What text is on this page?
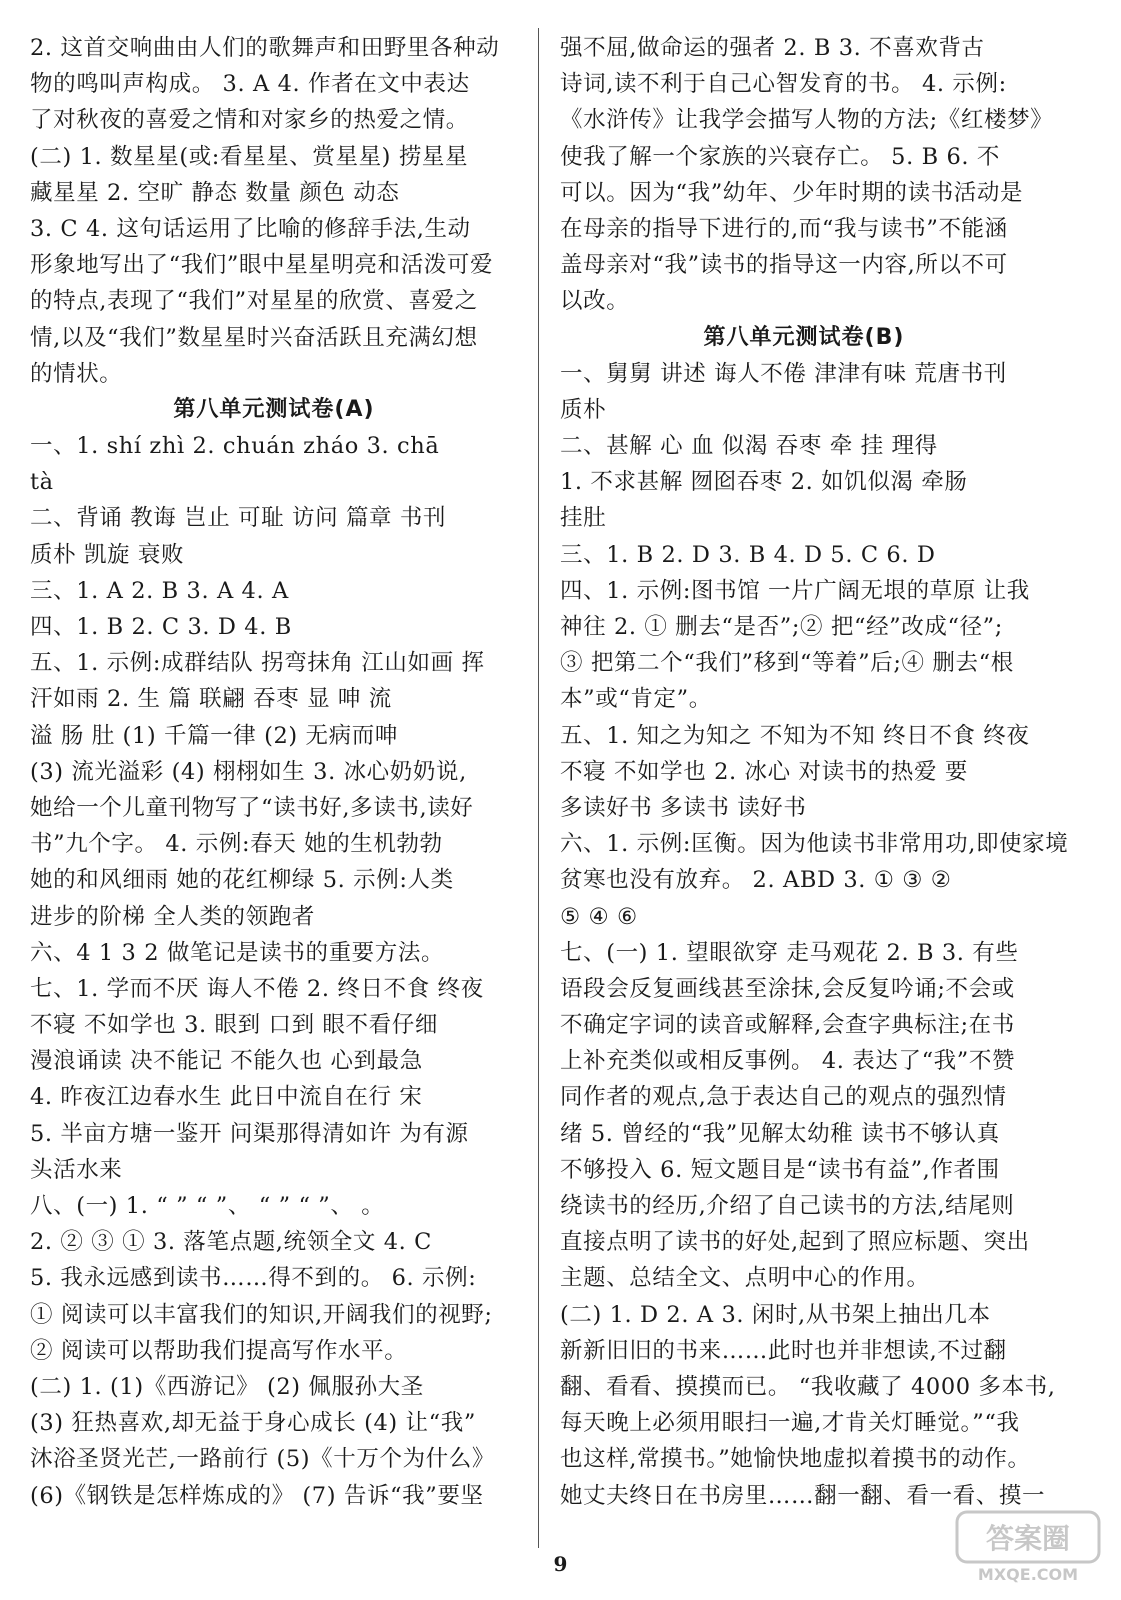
2. 这首交响曲由人们的歌舞声和田野里各种动
物的鸣叫声构成。 3. A 4. 作者在文中表达
了对秋夜的喜爱之情和对家乡的热爱之情。
(二) 1. 数星星(或:看星星、赏星星) 捞星星
藏星星 2. 空旷 静态 数量 颜色 动态
3. C 4. 这句话运用了比喻的修辞手法,生动
形象地写出了“我们”眼中星星明亮和活泼可爱
的特点,表现了“我们”对星星的欣赏、喜爱之
情,以及“我们”数星星时兴奋活跃且充满幻想
的情状。
第八单元测试卷(A)
一、1. shí zhì 2. chuán zháo 3. chā
tà
二、背诵 教诲 岂止 可耻 访问 篇章 书刊
质朴 凯旋 衰败
三、1. A 2. B 3. A 4. A
四、1. B 2. C 3. D 4. B
五、1. 示例:成群结队 拐弯抹角 江山如画 挥
汗如雨 2. 生 篇 联翩 吞枣 显 呻 流
溢 肠 肚 (1) 千篇一律 (2) 无病而呻
(3) 流光溢彩 (4) 栩栩如生 3. 冰心奶奶说,
她给一个儿童刊物写了“读书好,多读书,读好
书”九个字。 4. 示例:春天 她的生机勃勃
她的和风细雨 她的花红柳绿 5. 示例:人类
进步的阶梯 全人类的领跑者
六、4 1 3 2 做笔记是读书的重要方法。
七、1. 学而不厌 诲人不倦 2. 终日不食 终夜
不寝 不如学也 3. 眼到 口到 眼不看仔细
漫浪诵读 决不能记 不能久也 心到最急
4. 昨夜江边春水生 此日中流自在行 宋
5. 半亩方塘一鉴开 问渠那得清如许 为有源
头活水来
八、(一) 1. “ ” “ ”、 “ ” “ ”、 。
2. ② ③ ① 3. 落笔点题,统领全文 4. C
5. 我永远感到读书……得不到的。 6. 示例:
① 阅读可以丰富我们的知识,开阔我们的视野;
② 阅读可以帮助我们提高写作水平。
(二) 1. (1)《西游记》 (2) 佩服孙大圣
(3) 狂热喜欢,却无益于身心成长 (4) 让“我”
沐浴圣贤光芒,一路前行 (5)《十万个为什么》
(6)《钢铁是怎样炼成的》 (7) 告诉“我”要坚
强不屈,做命运的强者 2. B 3. 不喜欢背古
诗词,读不利于自己心智发育的书。 4. 示例:
《水浒传》让我学会描写人物的方法;《红楼梦》
使我了解一个家族的兴衰存亡。 5. B 6. 不
可以。因为“我”幼年、少年时期的读书活动是
在母亲的指导下进行的,而“我与读书”不能涵
盖母亲对“我”读书的指导这一内容,所以不可
以改。
第八单元测试卷(B)
一、舅舅 讲述 诲人不倦 津津有味 荒唐书刊
质朴
二、甚解 心 血 似渴 吞枣 牵 挂 理得
1. 不求甚解 囫囵吞枣 2. 如饥似渴 牵肠
挂肚
三、1. B 2. D 3. B 4. D 5. C 6. D
四、1. 示例:图书馆 一片广阔无垠的草原 让我
神往 2. ① 删去“是否”;② 把“经”改成“径”;
③ 把第二个“我们”移到“等着”后;④ 删去“根
本”或“肯定”。
五、1. 知之为知之 不知为不知 终日不食 终夜
不寝 不如学也 2. 冰心 对读书的热爱 要
多读好书 多读书 读好书
六、1. 示例:匡衡。因为他读书非常用功,即使家境
贫寒也没有放弃。 2. ABD 3. ① ③ ②
⑤ ④ ⑥
七、(一) 1. 望眼欲穿 走马观花 2. B 3. 有些
语段会反复画线甚至涂抹,会反复吟诵;不会或
不确定字词的读音或解释,会查字典标注;在书
上补充类似或相反事例。 4. 表达了“我”不赞
同作者的观点,急于表达自己的观点的强烈情
绪 5. 曾经的“我”见解太幼稚 读书不够认真
不够投入 6. 短文题目是“读书有益”,作者围
绕读书的经历,介绍了自己读书的方法,结尾则
直接点明了读书的好处,起到了照应标题、突出
主题、总结全文、点明中心的作用。
(二) 1. D 2. A 3. 闲时,从书架上抽出几本
新新旧旧的书来……此时也并非想读,不过翻
翻、看看、摸摸而已。 “我收藏了 4000 多本书,
每天晚上必须用眼扫一遍,才肯关灯睡觉。”“我
也这样,常摸书。”她愉快地虚拟着摸书的动作。
她丈夫终日在书房里……翻一翻、看一看、摸一
9
答案圈
MXQE.COM
